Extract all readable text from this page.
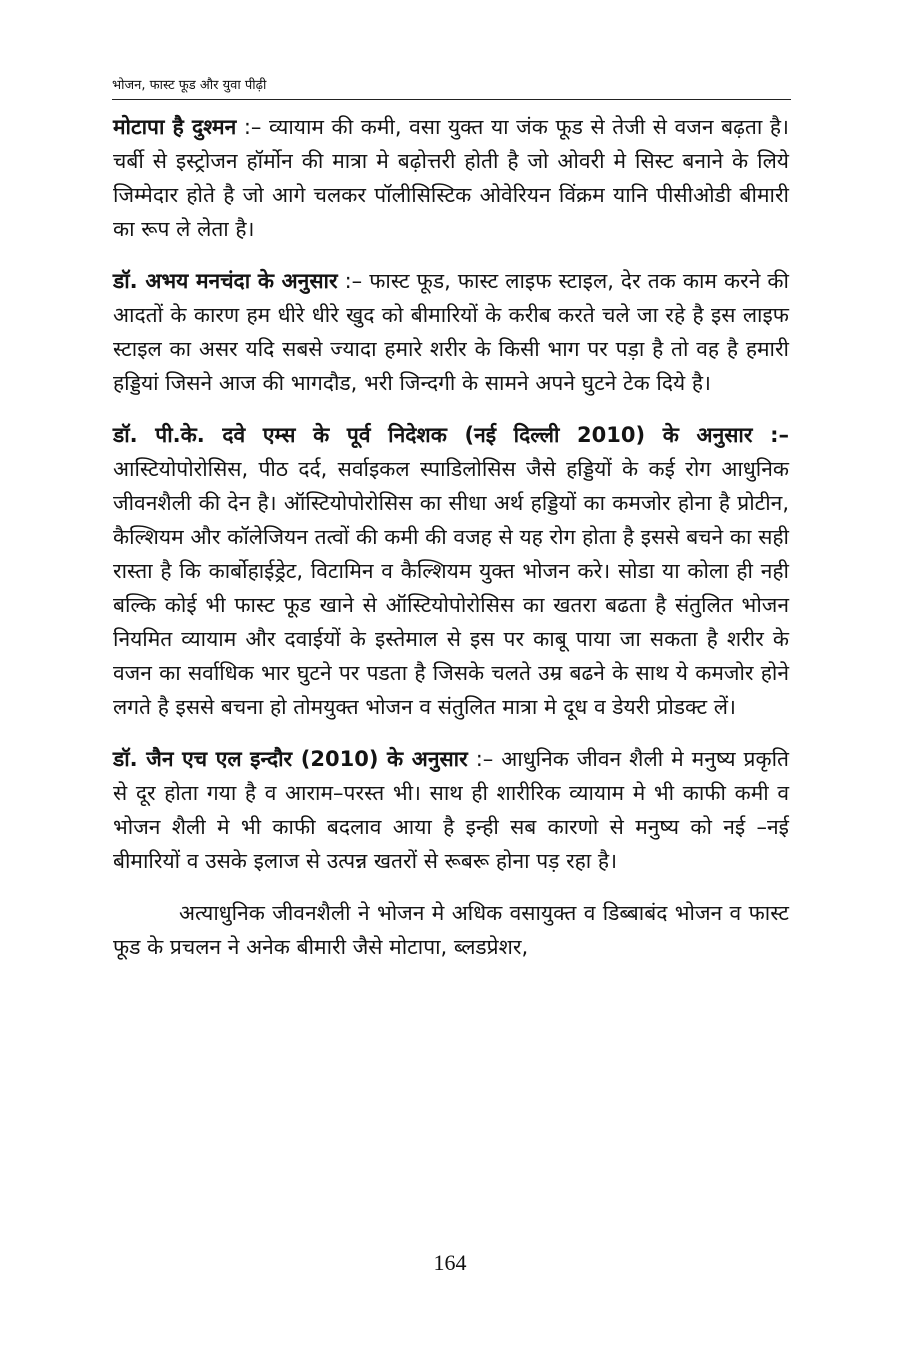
भोजन, फास्ट फूड और युवा पीढ़ी

मोटापा है दुश्मन :– व्यायाम की कमी, वसा युक्त या जंक फूड से तेजी से वजन बढ़ता है। चर्बी से इस्ट्रोजन हॉर्मोन की मात्रा मे बढ़ोत्तरी होती है जो ओवरी मे सिस्ट बनाने के लिये जिम्मेदार होते है जो आगे चलकर पॉलीसिस्टिक ओवेरियन विंक्रम यानि पीसीओडी बीमारी का रूप ले लेता है।

डॉ. अभय मनचंदा के अनुसार :– फास्ट फूड, फास्ट लाइफ स्टाइल, देर तक काम करने की आदतों के कारण हम धीरे धीरे खुद को बीमारियों के करीब करते चले जा रहे है इस लाइफ स्टाइल का असर यदि सबसे ज्यादा हमारे शरीर के किसी भाग पर पड़ा है तो वह है हमारी हड्डियां जिसने आज की भागदौड, भरी जिन्दगी के सामने अपने घुटने टेक दिये है।

डॉ. पी.के. दवे एम्स के पूर्व निदेशक (नई दिल्ली 2010) के अनुसार :– आस्टियोपोरोसिस, पीठ दर्द, सर्वाइकल स्पाडिलोसिस जैसे हड्डियों के कई रोग आधुनिक जीवनशैली की देन है। ऑस्टियोपोरोसिस का सीधा अर्थ हड्डियों का कमजोर होना है प्रोटीन, कैल्शियम और कॉलेजियन तत्वों की कमी की वजह से यह रोग होता है इससे बचने का सही रास्ता है कि कार्बोहाईड्रेट, विटामिन व कैल्शियम युक्त भोजन करे। सोडा या कोला ही नही बल्कि कोई भी फास्ट फूड खाने से ऑस्टियोपोरोसिस का खतरा बढता है संतुलित भोजन नियमित व्यायाम और दवाईयों के इस्तेमाल से इस पर काबू पाया जा सकता है शरीर के वजन का सर्वाधिक भार घुटने पर पडता है जिसके चलते उम्र बढने के साथ ये कमजोर होने लगते है इससे बचना हो तोमयुक्त भोजन व संतुलित मात्रा मे दूध व डेयरी प्रोडक्ट लें।

डॉ. जैन एच एल इन्दौर (2010) के अनुसार :– आधुनिक जीवन शैली मे मनुष्य प्रकृति से दूर होता गया है व आराम–परस्त भी। साथ ही शारीरिक व्यायाम मे भी काफी कमी व भोजन शैली मे भी काफी बदलाव आया है इन्ही सब कारणो से मनुष्य को नई –नई बीमारियों व उसके इलाज से उत्पन्न खतरों से रूबरू होना पड़ रहा है।

अत्याधुनिक जीवनशैली ने भोजन मे अधिक वसायुक्त व डिब्बाबंद भोजन व फास्ट फूड के प्रचलन ने अनेक बीमारी जैसे मोटापा, ब्लडप्रेशर,

164
